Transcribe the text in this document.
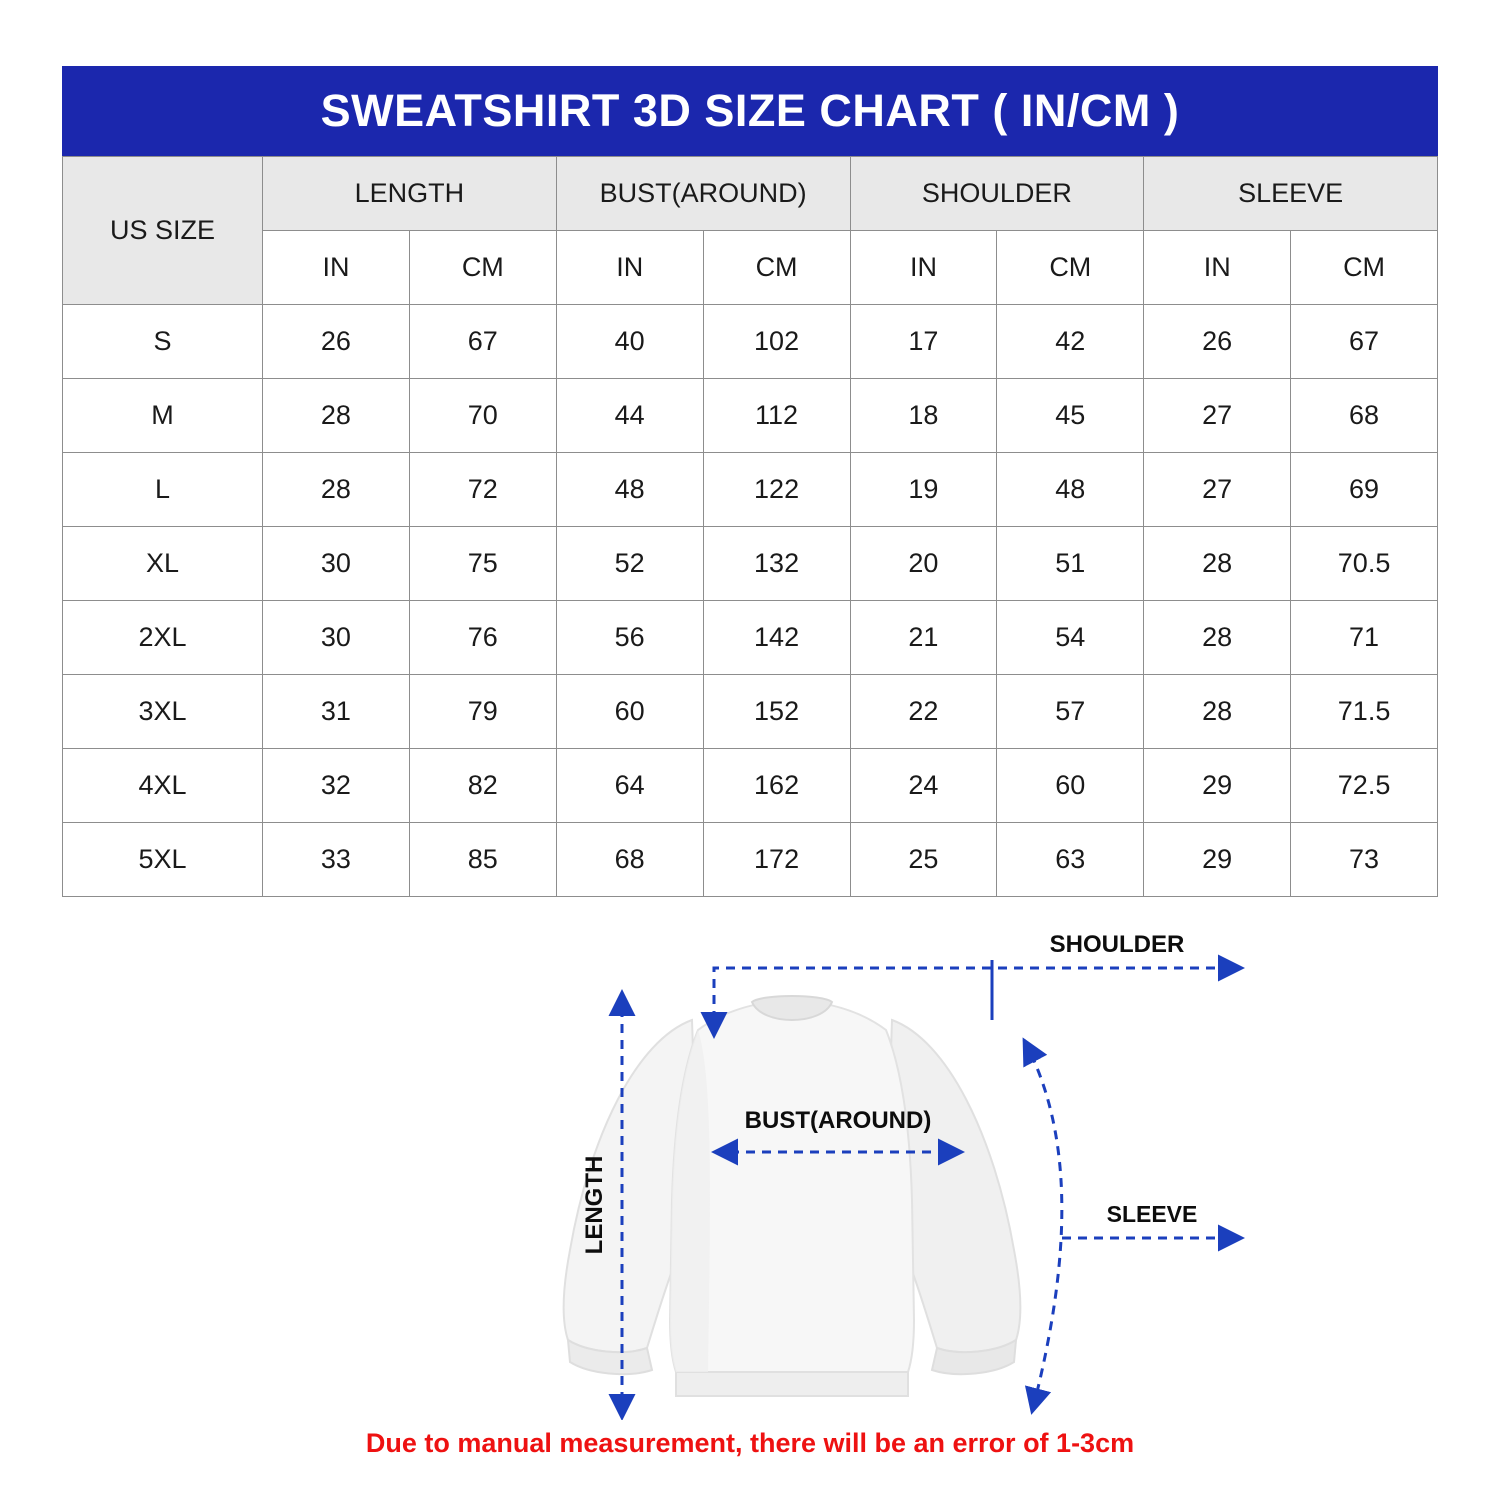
SWEATSHIRT 3D SIZE CHART ( IN/CM )
US SIZE	LENGTH		BUST(AROUND)		SHOULDER		SLEEVE	
	IN	CM	IN	CM	IN	CM	IN	CM
S	26	67	40	102	17	42	26	67
M	28	70	44	112	18	45	27	68
L	28	72	48	122	19	48	27	69
XL	30	75	52	132	20	51	28	70.5
2XL	30	76	56	142	21	54	28	71
3XL	31	79	60	152	22	57	28	71.5
4XL	32	82	64	162	24	60	29	72.5
5XL	33	85	68	172	25	63	29	73
LENGTH
SHOULDER
BUST(AROUND)
SLEEVE
Due to manual measurement, there will be an error of 1-3cm
